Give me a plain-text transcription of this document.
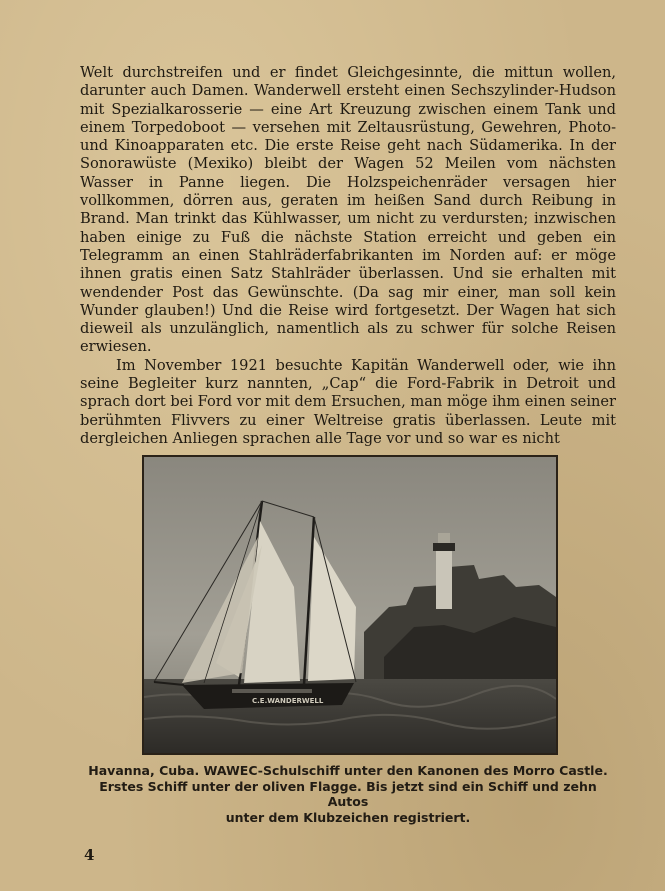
Welt durchstreifen und er findet Gleichgesinnte, die mittun wollen, darunter auch Damen. Wanderwell ersteht einen Sechszylinder-Hudson mit Spezialkarosserie — eine Art Kreuzung zwischen einem Tank und einem Torpedoboot — versehen mit Zeltausrüstung, Gewehren, Photo- und Kinoapparaten etc. Die erste Reise geht nach Südamerika. In der Sonorawüste (Mexiko) bleibt der Wagen 52 Meilen vom nächsten Wasser in Panne liegen. Die Holzspeichenräder versagen hier vollkommen, dörren aus, geraten im heißen Sand durch Reibung in Brand. Man trinkt das Kühlwasser, um nicht zu verdursten; inzwischen haben einige zu Fuß die nächste Station erreicht und geben ein Telegramm an einen Stahlräderfabrikanten im Norden auf: er möge ihnen gratis einen Satz Stahlräder überlassen. Und sie erhalten mit wendender Post das Gewünschte. (Da sag mir einer, man soll kein Wunder glauben!) Und die Reise wird fortgesetzt. Der Wagen hat sich dieweil als unzulänglich, namentlich als zu schwer für solche Reisen erwiesen.

Im November 1921 besuchte Kapitän Wanderwell oder, wie ihn seine Begleiter kurz nannten, „Cap“ die Ford-Fabrik in Detroit und sprach dort bei Ford vor mit dem Ersuchen, man möge ihm einen seiner berühmten Flivvers zu einer Weltreise gratis überlassen. Leute mit dergleichen Anliegen sprachen alle Tage vor und so war es nicht

C.E.WANDERWELL
Havanna, Cuba. WAWEC-Schulschiff unter den Kanonen des Morro Castle.
Erstes Schiff unter der oliven Flagge. Bis jetzt sind ein Schiff und zehn Autos
unter dem Klubzeichen registriert.
4
